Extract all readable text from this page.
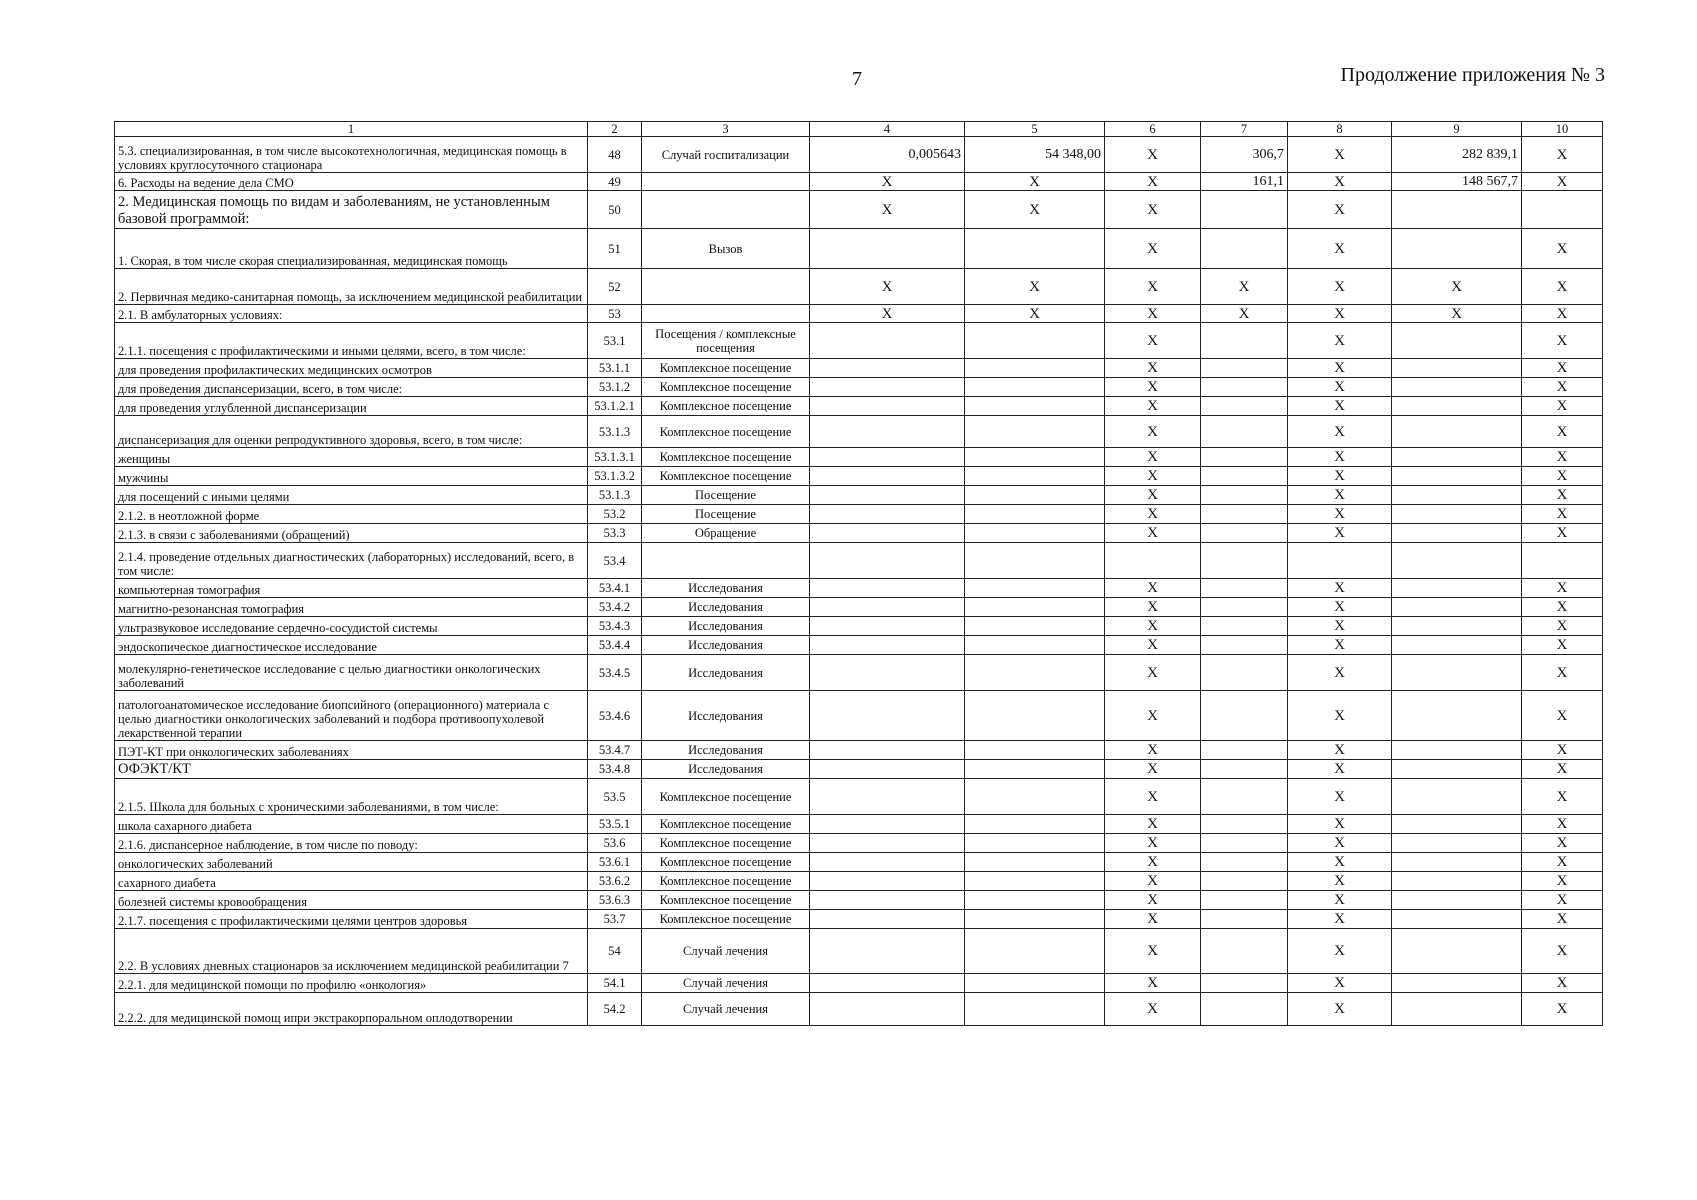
7	Продолжение приложения № 3
1	2	3	4	5	6	7	8	9	10
5.3. специализированная, в том числе высокотехнологичная, медицинская помощь в условиях круглосуточного стационара	48	Случай госпитализации	0,005643	54 348,00	X	306,7	X	282 839,1	X
6. Расходы на ведение дела СМО	49		X	X	X	161,1	X	148 567,7	X
2. Медицинская помощь по видам и заболеваниям, не установленным базовой программой:	50		X	X	X		X		
1. Скорая, в том числе скорая специализированная, медицинская помощь	51	Вызов			X		X		X
2. Первичная медико-санитарная помощь, за исключением медицинской реабилитации	52		X	X	X	X	X	X	X
2.1. В амбулаторных условиях:	53		X	X	X	X	X	X	X
2.1.1. посещения с профилактическими и иными целями, всего, в том числе:	53.1	Посещения / комплексные посещения			X		X		X
для проведения профилактических медицинских осмотров	53.1.1	Комплексное посещение			X		X		X
для проведения диспансеризации, всего, в том числе:	53.1.2	Комплексное посещение			X		X		X
для проведения углубленной диспансеризации	53.1.2.1	Комплексное посещение			X		X		X
диспансеризация для оценки репродуктивного здоровья, всего, в том числе:	53.1.3	Комплексное посещение			X		X		X
женщины	53.1.3.1	Комплексное посещение			X		X		X
мужчины	53.1.3.2	Комплексное посещение			X		X		X
для посещений с иными целями	53.1.3	Посещение			X		X		X
2.1.2. в неотложной форме	53.2	Посещение			X		X		X
2.1.3. в связи с заболеваниями (обращений)	53.3	Обращение			X		X		X
2.1.4. проведение отдельных диагностических (лабораторных) исследований, всего, в том числе:	53.4								
компьютерная томография	53.4.1	Исследования			X		X		X
магнитно-резонансная томография	53.4.2	Исследования			X		X		X
ультразвуковое исследование сердечно-сосудистой системы	53.4.3	Исследования			X		X		X
эндоскопическое диагностическое исследование	53.4.4	Исследования			X		X		X
молекулярно-генетическое исследование с целью диагностики онкологических заболеваний	53.4.5	Исследования			X		X		X
патологоанатомическое исследование биопсийного (операционного) материала с целью диагностики онкологических заболеваний и подбора противоопухолевой лекарственной терапии	53.4.6	Исследования			X		X		X
ПЭТ-КТ при онкологических заболеваниях	53.4.7	Исследования			X		X		X
ОФЭКТ/КТ	53.4.8	Исследования			X		X		X
2.1.5. Школа для больных с хроническими заболеваниями, в том числе:	53.5	Комплексное посещение			X		X		X
школа сахарного диабета	53.5.1	Комплексное посещение			X		X		X
2.1.6. диспансерное наблюдение, в том числе по поводу:	53.6	Комплексное посещение			X		X		X
онкологических заболеваний	53.6.1	Комплексное посещение			X		X		X
сахарного диабета	53.6.2	Комплексное посещение			X		X		X
болезней системы кровообращения	53.6.3	Комплексное посещение			X		X		X
2.1.7. посещения с профилактическими целями центров здоровья	53.7	Комплексное посещение			X		X		X
2.2. В условиях дневных стационаров за исключением медицинской реабилитации 7	54	Случай лечения			X		X		X
2.2.1. для медицинской помощи по профилю «онкология»	54.1	Случай лечения			X		X		X
2.2.2. для медицинской помощ ипри экстракорпоральном оплодотворении	54.2	Случай лечения			X		X		X
